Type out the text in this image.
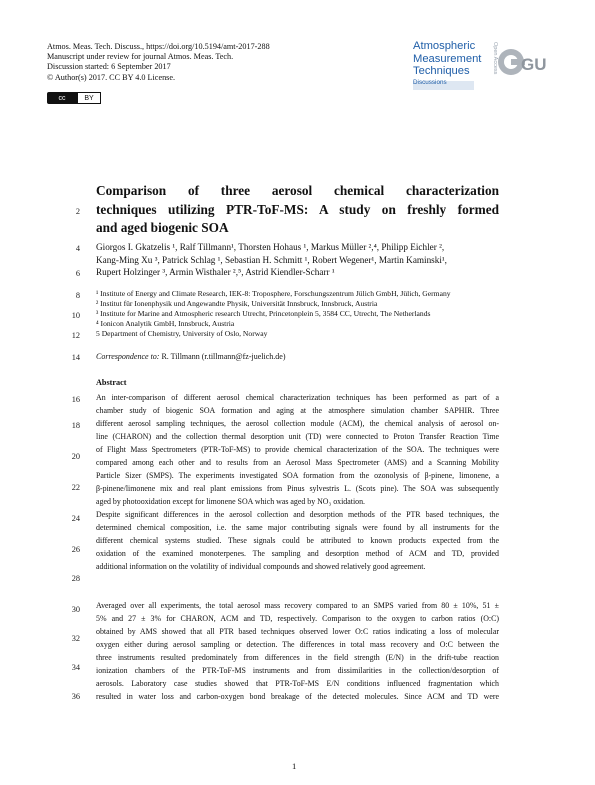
Atmos. Meas. Tech. Discuss., https://doi.org/10.5194/amt-2017-288
Manuscript under review for journal Atmos. Meas. Tech.
Discussion started: 6 September 2017
© Author(s) 2017. CC BY 4.0 License.
cc	BY
Atmospheric
Measurement
Techniques
Discussions
Open Access GU
2
4
6
8
10
12
14
16
18
20
22
24
26
28
30
32
34
36
Comparison of three aerosol chemical characterization
techniques utilizing PTR-ToF-MS: A study on freshly formed
and aged biogenic SOA
Giorgos I. Gkatzelis ¹, Ralf Tillmann¹, Thorsten Hohaus ¹, Markus Müller ²,⁴, Philipp Eichler ²,
Kang-Ming Xu ³, Patrick Schlag ¹, Sebastian H. Schmitt ¹, Robert Wegener¹, Martin Kaminski¹,
Rupert Holzinger ³, Armin Wisthaler ²,⁵, Astrid Kiendler-Scharr ¹
¹ Institute of Energy and Climate Research, IEK-8: Troposphere, Forschungszentrum Jülich GmbH, Jülich, Germany
² Institut für Ionenphysik und Angewandte Physik, Universität Innsbruck, Innsbruck, Austria
³ Institute for Marine and Atmospheric research Utrecht, Princetonplein 5, 3584 CC, Utrecht, The Netherlands
⁴ Ionicon Analytik GmbH, Innsbruck, Austria
5 Department of Chemistry, University of Oslo, Norway
Correspondence to: R. Tillmann (r.tillmann@fz-juelich.de)
Abstract
An inter-comparison of different aerosol chemical characterization techniques has been performed as part of a
chamber study of biogenic SOA formation and aging at the atmosphere simulation chamber SAPHIR. Three
different aerosol sampling techniques, the aerosol collection module (ACM), the chemical analysis of aerosol on-
line (CHARON) and the collection thermal desorption unit (TD) were connected to Proton Transfer Reaction Time
of Flight Mass Spectrometers (PTR-ToF-MS) to provide chemical characterization of the SOA. The techniques were
compared among each other and to results from an Aerosol Mass Spectrometer (AMS) and a Scanning Mobility
Particle Sizer (SMPS). The experiments investigated SOA formation from the ozonolysis of β-pinene, limonene, a
β-pinene/limonene mix and real plant emissions from Pinus sylvestris L. (Scots pine). The SOA was subsequently
aged by photooxidation except for limonene SOA which was aged by NO₃ oxidation.
Despite significant differences in the aerosol collection and desorption methods of the PTR based techniques, the
determined chemical composition, i.e. the same major contributing signals were found by all instruments for the
different chemical systems studied. These signals could be attributed to known products expected from the
oxidation of the examined monoterpenes. The sampling and desorption method of ACM and TD, provided
additional information on the volatility of individual compounds and showed relatively good agreement.
Averaged over all experiments, the total aerosol mass recovery compared to an SMPS varied from 80 ± 10%, 51 ±
5% and 27 ± 3% for CHARON, ACM and TD, respectively. Comparison to the oxygen to carbon ratios (O:C)
obtained by AMS showed that all PTR based techniques observed lower O:C ratios indicating a loss of molecular
oxygen either during aerosol sampling or detection. The differences in total mass recovery and O:C between the
three instruments resulted predominately from differences in the field strength (E/N) in the drift-tube reaction
ionization chambers of the PTR-ToF-MS instruments and from dissimilarities in the collection/desorption of
aerosols. Laboratory case studies showed that PTR-ToF-MS E/N conditions influenced fragmentation which
resulted in water loss and carbon-oxygen bond breakage of the detected molecules. Since ACM and TD were
1
